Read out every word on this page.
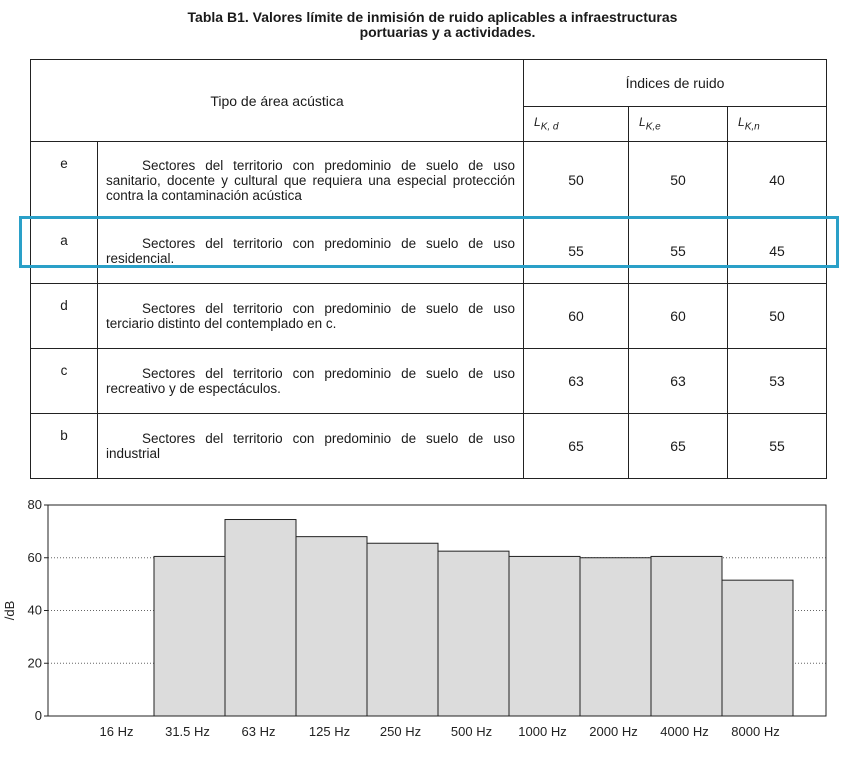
Tabla B1. Valores límite de inmisión de ruido aplicables a infraestructuras
portuarias y a actividades.
Tipo de área acústica		Índices de ruido		
		$L_{K, d}$	$L_{K,e}$	$L_{K,n}$
e	Sectores del territorio con predominio de suelo de uso sanitario, docente y cultural que requiera una especial protección contra la contaminación acústica	50	50	40
a	Sectores del territorio con predominio de suelo de uso residencial.	55	55	45
d	Sectores del territorio con predominio de suelo de uso terciario distinto del contemplado en c.	60	60	50
c	Sectores del territorio con predominio de suelo de uso recreativo y de espectáculos.	63	63	53
b	Sectores del territorio con predominio de suelo de uso industrial	65	65	55
0
20
40
60
80
16 Hz 31.5 Hz 63 Hz	125 Hz 250 Hz 500 Hz 1000 Hz 2000 Hz 4000 Hz 8000 Hz
/dB
